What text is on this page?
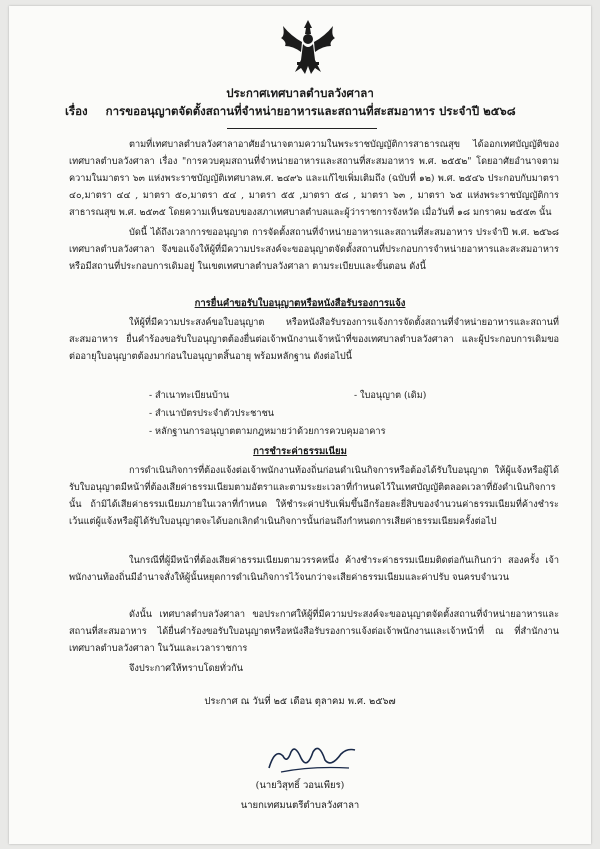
ประกาศเทศบาลตำบลวังศาลา
เรื่อง การขออนุญาตจัดตั้งสถานที่จำหน่ายอาหารและสถานที่สะสมอาหาร ประจำปี ๒๕๖๘
ตามที่เทศบาลตำบลวังศาลาอาศัยอำนาจตามความในพระราชบัญญัติการสาธารณสุข ได้ออกเทศบัญญัติของเทศบาลตำบลวังศาลา เรื่อง "การควบคุมสถานที่จำหน่ายอาหารและสถานที่สะสมอาหาร พ.ศ. ๒๕๕๒" โดยอาศัยอำนาจตามความในมาตรา ๖๓ แห่งพระราชบัญญัติเทศบาลพ.ศ. ๒๔๙๖ และแก้ไขเพิ่มเติมถึง (ฉบับที่ ๑๒) พ.ศ. ๒๕๔๖ ประกอบกับมาตรา ๔๐,มาตรา ๔๔ , มาตรา ๕๐,มาตรา ๕๔ , มาตรา ๕๕ ,มาตรา ๕๘ , มาตรา ๖๓ , มาตรา ๖๕ แห่งพระราชบัญญัติการสาธารณสุข พ.ศ. ๒๕๓๕ โดยความเห็นชอบของสภาเทศบาลตำบลและผู้ว่าราชการจังหวัด เมื่อวันที่ ๑๘ มกราคม ๒๕๕๓ นั้น
บัดนี้ ได้ถึงเวลาการขออนุญาต การจัดตั้งสถานที่จำหน่ายอาหารและสถานที่สะสมอาหาร ประจำปี พ.ศ. ๒๕๖๘ เทศบาลตำบลวังศาลา จึงขอแจ้งให้ผู้ที่มีความประสงค์จะขออนุญาตจัดตั้งสถานที่ประกอบการจำหน่ายอาหารและสะสมอาหาร หรือมีสถานที่ประกอบการเดิมอยู่ ในเขตเทศบาลตำบลวังศาลา ตามระเบียบและขั้นตอน ดังนี้
การยื่นคำขอรับใบอนุญาตหรือหนังสือรับรองการแจ้ง
ให้ผู้ที่มีความประสงค์ขอใบอนุญาต หรือหนังสือรับรองการแจ้งการจัดตั้งสถานที่จำหน่ายอาหารและสถานที่สะสมอาหาร ยื่นคำร้องขอรับใบอนุญาตต้องยื่นต่อเจ้าพนักงานเจ้าหน้าที่ของเทศบาลตำบลวังศาลา และผู้ประกอบการเดิมขอต่ออายุใบอนุญาตต้องมาก่อนใบอนุญาตสิ้นอายุ พร้อมหลักฐาน ดังต่อไปนี้
- สำเนาทะเบียนบ้าน	- ใบอนุญาต (เดิม)
- สำเนาบัตรประจำตัวประชาชน
- หลักฐานการอนุญาตตามกฎหมายว่าด้วยการควบคุมอาคาร
การชำระค่าธรรมเนียม
การดำเนินกิจการที่ต้องแจ้งต่อเจ้าพนักงานท้องถิ่นก่อนดำเนินกิจการหรือต้องได้รับใบอนุญาต ให้ผู้แจ้งหรือผู้ได้รับใบอนุญาตมีหน้าที่ต้องเสียค่าธรรมเนียมตามอัตราและตามระยะเวลาที่กำหนดไว้ในเทศบัญญัติตลอดเวลาที่ยังดำเนินกิจการนั้น ถ้ามิได้เสียค่าธรรมเนียมภายในเวลาที่กำหนด ให้ชำระค่าปรับเพิ่มขึ้นอีกร้อยละยี่สิบของจำนวนค่าธรรมเนียมที่ค้างชำระ เว้นแต่ผู้แจ้งหรือผู้ได้รับใบอนุญาตจะได้บอกเลิกดำเนินกิจการนั้นก่อนถึงกำหนดการเสียค่าธรรมเนียมครั้งต่อไป
ในกรณีที่ผู้มีหน้าที่ต้องเสียค่าธรรมเนียมตามวรรคหนึ่ง ค้างชำระค่าธรรมเนียมติดต่อกันเกินกว่า สองครั้ง เจ้าพนักงานท้องถิ่นมีอำนาจสั่งให้ผู้นั้นหยุดการดำเนินกิจการไว้จนกว่าจะเสียค่าธรรมเนียมและค่าปรับ จนครบจำนวน
ดังนั้น เทศบาลตำบลวังศาลา ขอประกาศให้ผู้ที่มีความประสงค์จะขออนุญาตจัดตั้งสถานที่จำหน่ายอาหารและสถานที่สะสมอาหาร ได้ยื่นคำร้องขอรับใบอนุญาตหรือหนังสือรับรองการแจ้งต่อเจ้าพนักงานและเจ้าหน้าที่ ณ ที่สำนักงานเทศบาลตำบลวังศาลา ในวันและเวลาราชการ
จึงประกาศให้ทราบโดยทั่วกัน
ประกาศ ณ วันที่ ๒๕ เดือน ตุลาคม พ.ศ. ๒๕๖๗
(นายวิสุทธิ์ วอนเพียร)
นายกเทศมนตรีตำบลวังศาลา
